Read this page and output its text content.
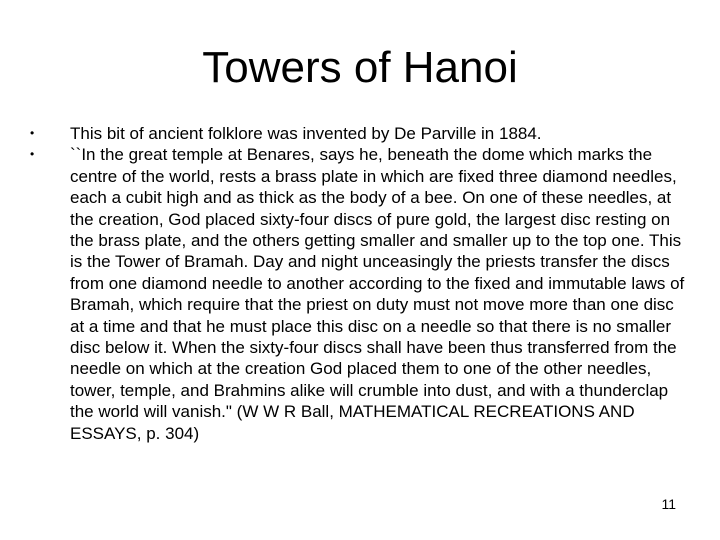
Towers of Hanoi
•	This bit of ancient folklore was invented by De Parville in 1884.
•	``In the great temple at Benares, says he, beneath the dome which marks the centre of the world, rests a brass plate in which are fixed three diamond needles, each a cubit high and as thick as the body of a bee. On one of these needles, at the creation, God placed sixty-four discs of pure gold, the largest disc resting on the brass plate, and the others getting smaller and smaller up to the top one. This is the Tower of Bramah. Day and night unceasingly the priests transfer the discs from one diamond needle to another according to the fixed and immutable laws of Bramah, which require that the priest on duty must not move more than one disc at a time and that he must place this disc on a needle so that there is no smaller disc below it. When the sixty-four discs shall have been thus transferred from the needle on which at the creation God placed them to one of the other needles, tower, temple, and Brahmins alike will crumble into dust, and with a thunderclap the world will vanish." (W W R Ball, MATHEMATICAL RECREATIONS AND ESSAYS, p. 304)
11
